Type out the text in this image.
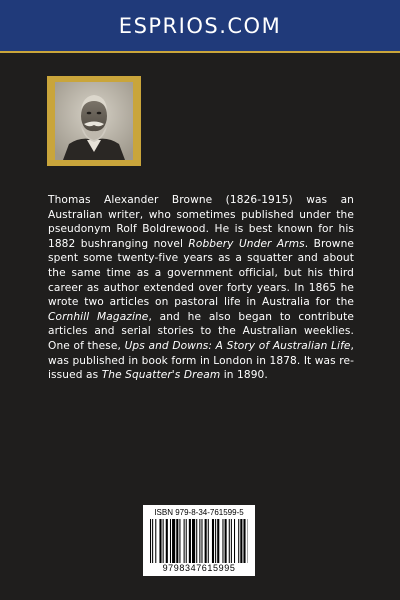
ESPRIOS.COM

Thomas Alexander Browne (1826-1915) was an Australian writer, who sometimes published under the pseudonym Rolf Boldrewood. He is best known for his 1882 bushranging novel Robbery Under Arms. Browne spent some twenty-five years as a squatter and about the same time as a government official, but his third career as author extended over forty years. In 1865 he wrote two articles on pastoral life in Australia for the Cornhill Magazine, and he also began to contribute articles and serial stories to the Australian weeklies. One of these, Ups and Downs: A Story of Australian Life, was published in book form in London in 1878. It was re-issued as The Squatter's Dream in 1890.

ISBN 979-8-34-761599-5
9798347615995
